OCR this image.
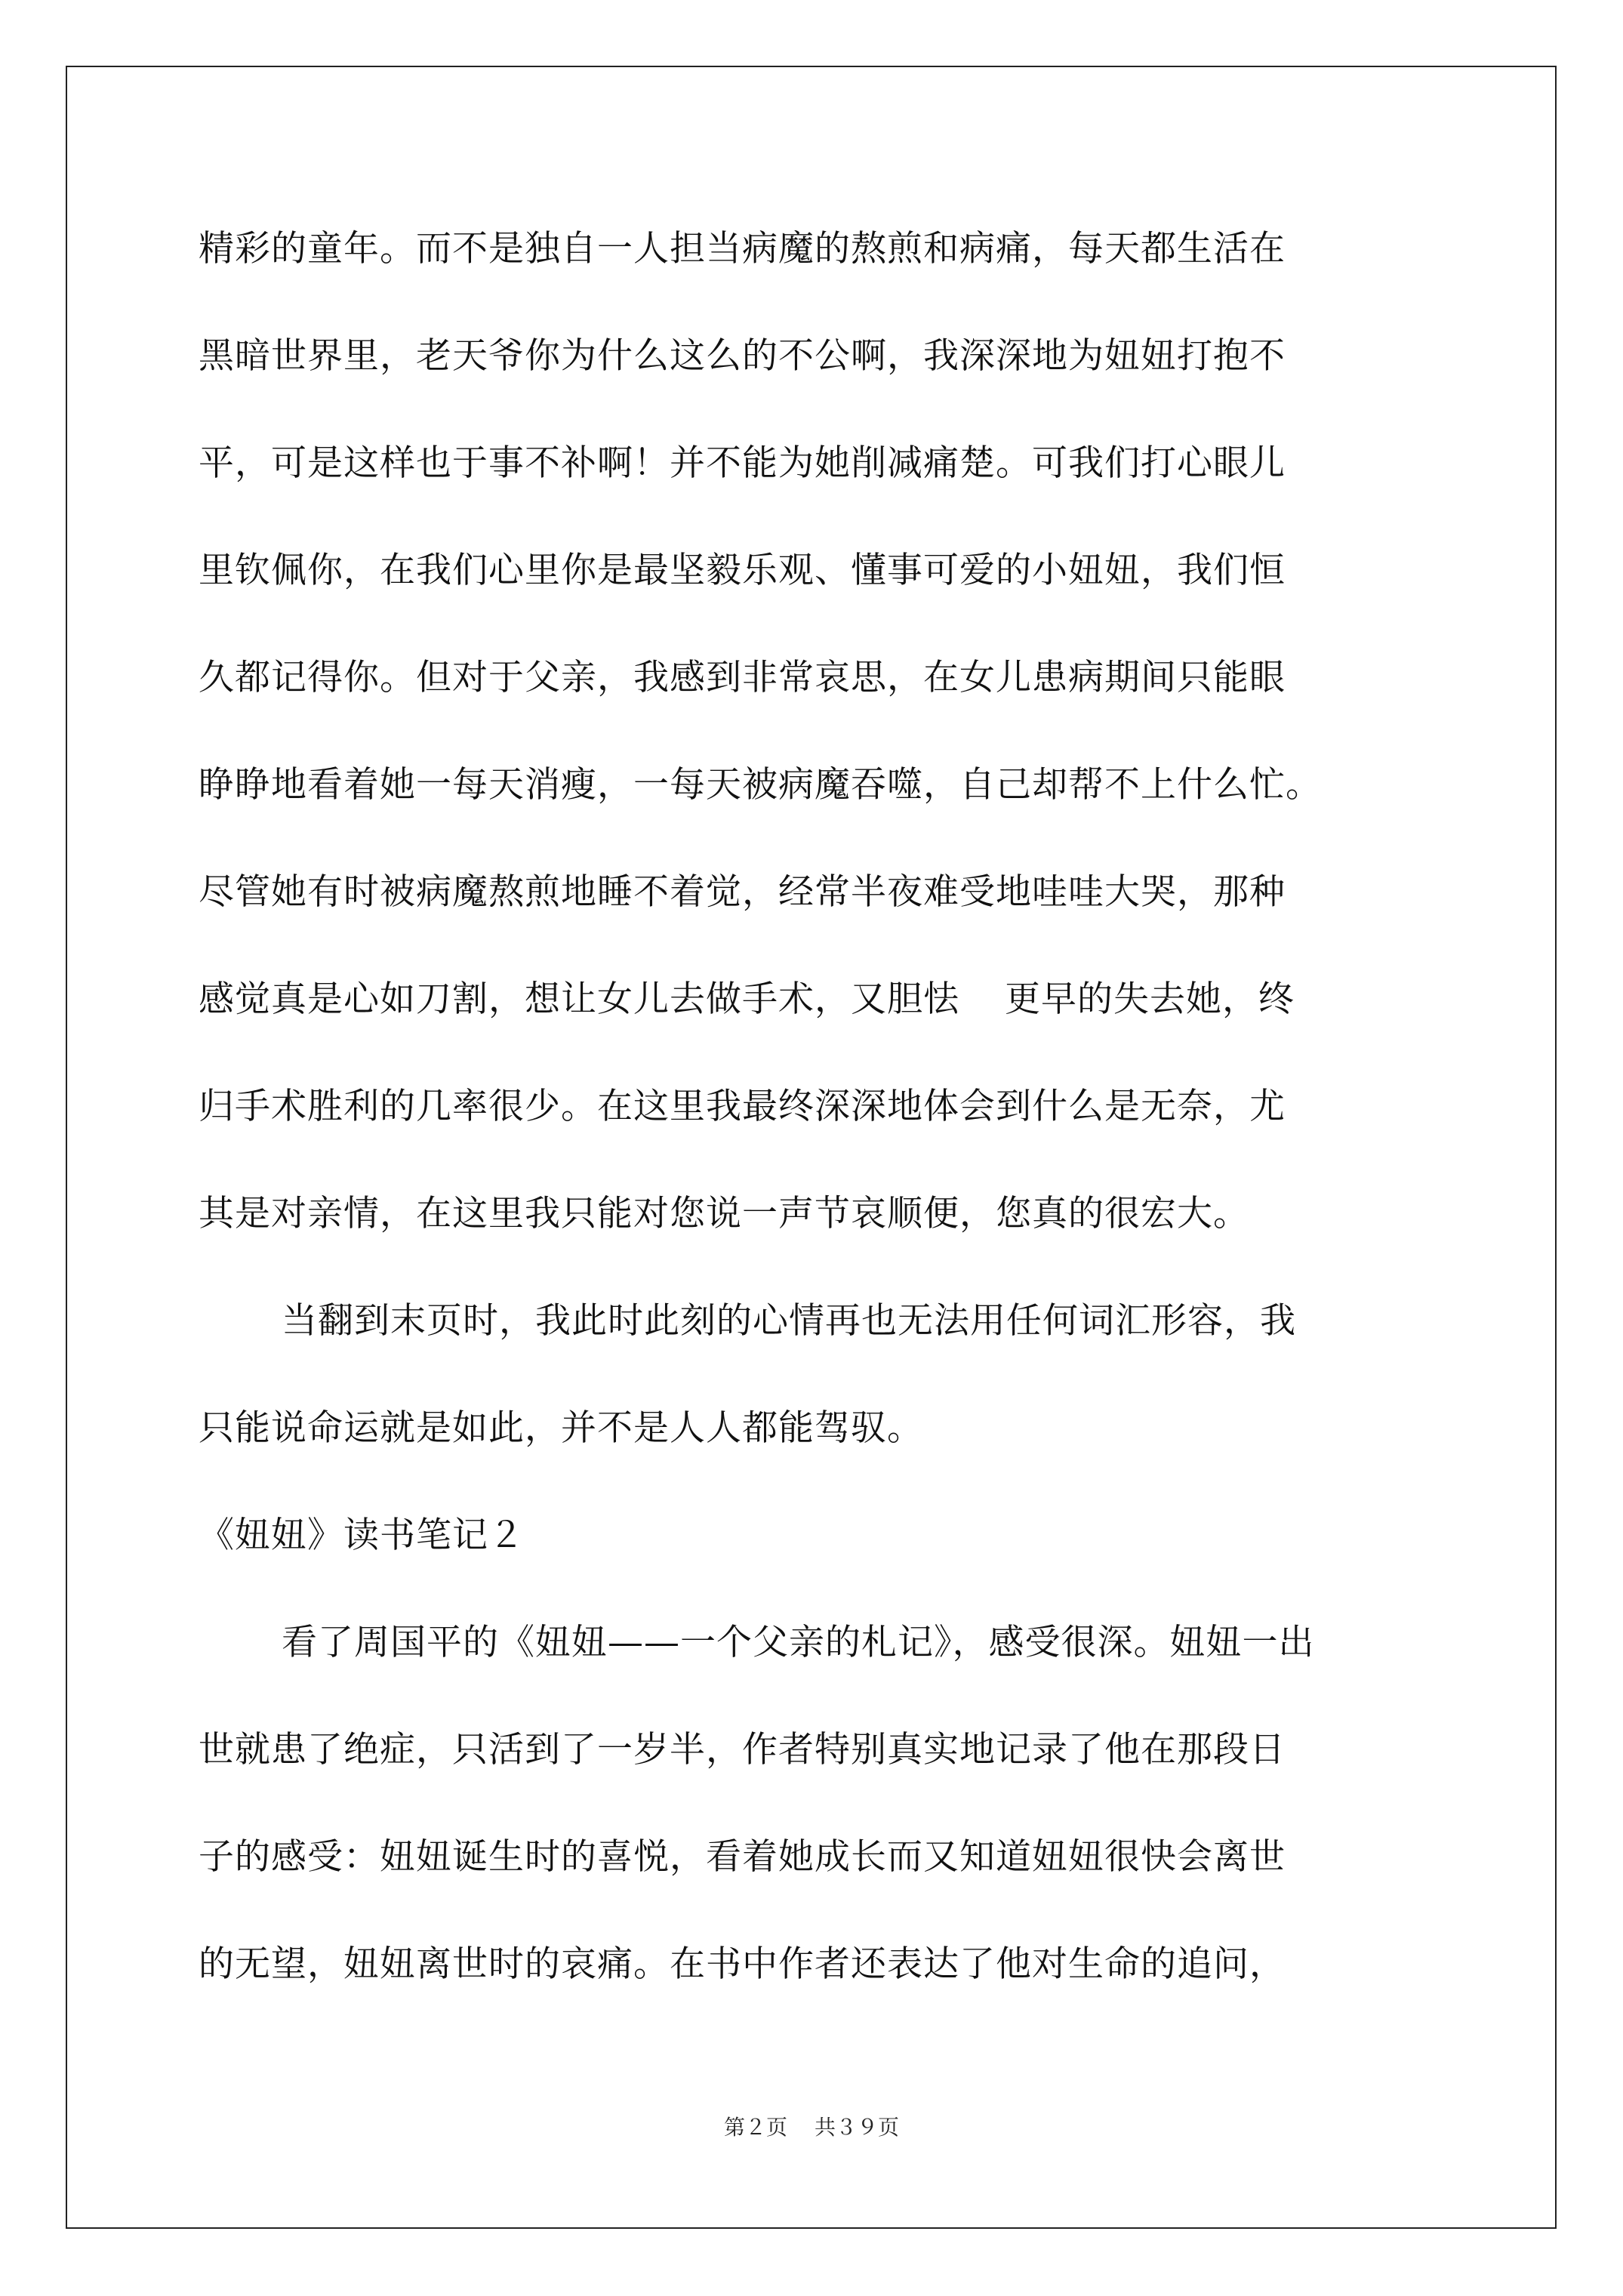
精彩的童年。而不是独自一人担当病魔的熬煎和病痛，每天都生活在
黑暗世界里，老天爷你为什么这么的不公啊，我深深地为妞妞打抱不
平，可是这样也于事不补啊！并不能为她削减痛楚。可我们打心眼儿
里钦佩你，在我们心里你是最坚毅乐观、懂事可爱的小妞妞，我们恒
久都记得你。但对于父亲，我感到非常哀思，在女儿患病期间只能眼
睁睁地看着她一每天消瘦，一每天被病魔吞噬，自己却帮不上什么忙。
尽管她有时被病魔熬煎地睡不着觉，经常半夜难受地哇哇大哭，那种
感觉真是心如刀割，想让女儿去做手术，又胆怯 更早的失去她，终
归手术胜利的几率很少。在这里我最终深深地体会到什么是无奈，尤
其是对亲情，在这里我只能对您说一声节哀顺便，您真的很宏大。
当翻到末页时，我此时此刻的心情再也无法用任何词汇形容，我
只能说命运就是如此，并不是人人都能驾驭。
《妞妞》读书笔记２
看了周国平的《妞妞——一个父亲的札记》，感受很深。妞妞一出
世就患了绝症，只活到了一岁半，作者特别真实地记录了他在那段日
子的感受：妞妞诞生时的喜悦，看着她成长而又知道妞妞很快会离世
的无望，妞妞离世时的哀痛。在书中作者还表达了他对生命的追问，
第２页 共３９页
